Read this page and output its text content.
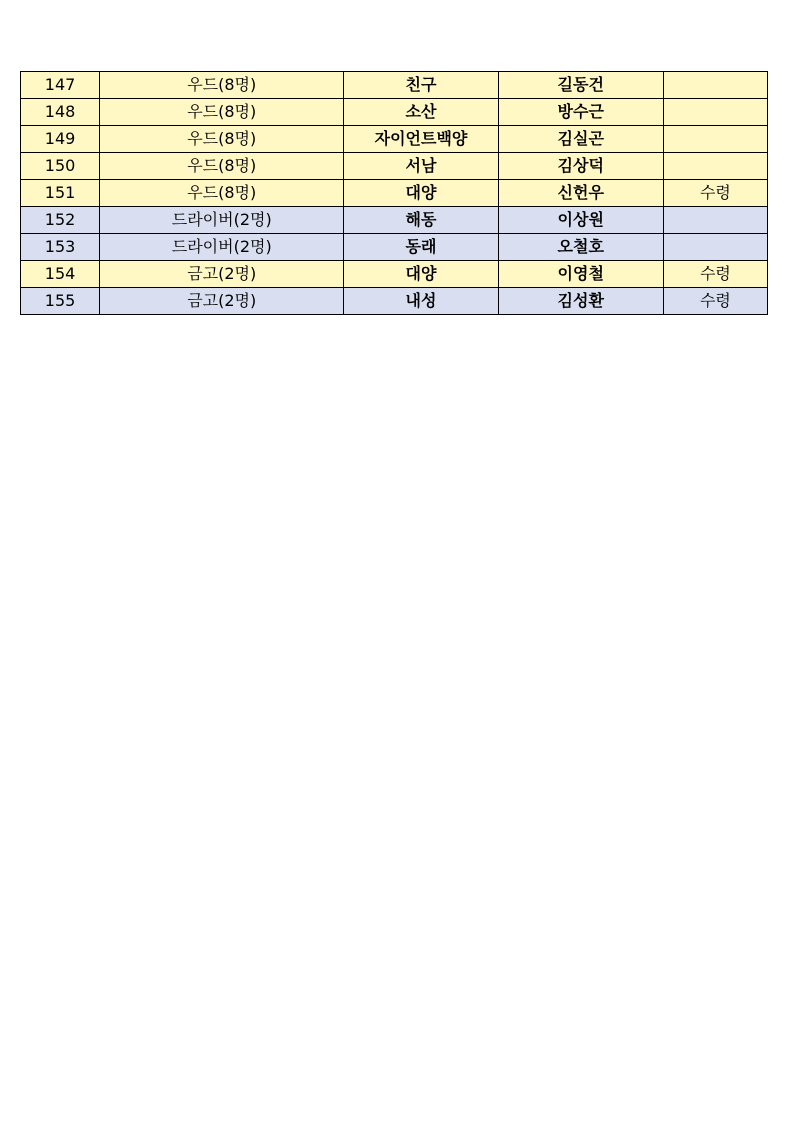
147	우드(8명)	친구	길동건	
148	우드(8명)	소산	방수근	
149	우드(8명)	자이언트백양	김실곤	
150	우드(8명)	서남	김상덕	
151	우드(8명)	대양	신헌우	수령
152	드라이버(2명)	해동	이상원	
153	드라이버(2명)	동래	오철호	
154	금고(2명)	대양	이영철	수령
155	금고(2명)	내성	김성환	수령
